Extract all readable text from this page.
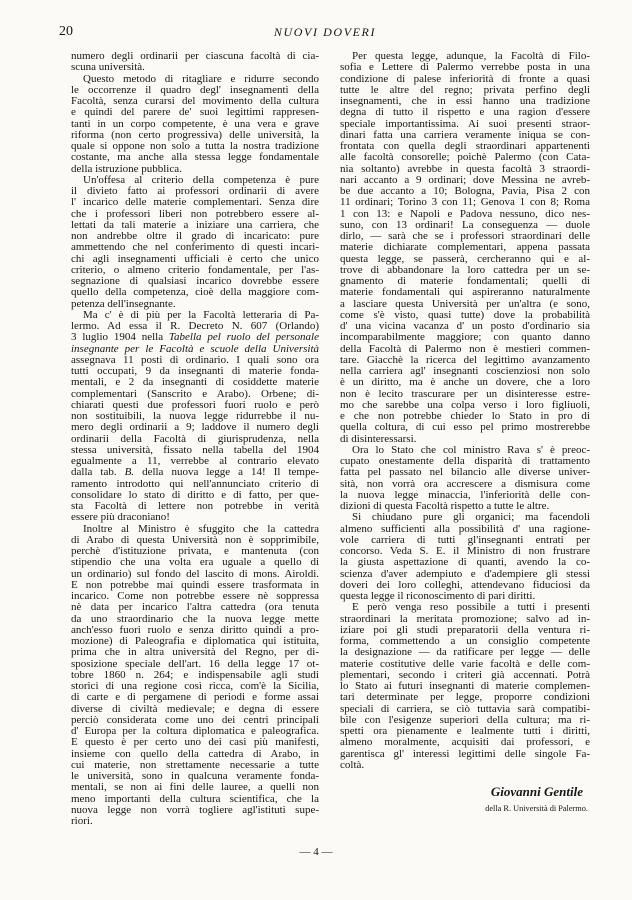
20	NUOVI DOVERI
numero degli ordinarii per ciascuna facoltà di cia-
scuna università.
Questo metodo di ritagliare e ridurre secondo
le occorrenze il quadro degl' insegnamenti della
Facoltà, senza curarsi del movimento della cultura
e quindi del parere de' suoi legittimi rappresen-
tanti in un corpo competente, è una vera e grave
riforma (non certo progressiva) delle università, la
quale si oppone non solo a tutta la nostra tradizione
costante, ma anche alla stessa legge fondamentale
della istruzione pubblica.
Un'offesa al criterio della competenza è pure
il divieto fatto ai professori ordinarii di avere
l' incarico delle materie complementari. Senza dire
che i professori liberi non potrebbero essere al-
lettati da tali materie a iniziare una carriera, che
non andrebbe oltre il grado di incaricato: pure
ammettendo che nel conferimento di questi incari-
chi agli insegnamenti ufficiali è certo che unico
criterio, o almeno criterio fondamentale, per l'as-
segnazione di qualsiasi incarico dovrebbe essere
quello della competenza, cioè della maggiore com-
petenza dell'insegnante.
Ma c' è di più per la Facoltà letteraria di Pa-
lermo. Ad essa il R. Decreto N. 607 (Orlando)
3 luglio 1904 nella Tabella pel ruolo del personale
insegnante per le Facoltà e scuole della Università
assegnava 11 posti di ordinario. I quali sono ora
tutti occupati, 9 da insegnanti di materie fonda-
mentali, e 2 da insegnanti di cosiddette materie
complementari (Sanscrito e Arabo). Orbene; di-
chiarati questi due professori fuori ruolo e però
non sostituibili, la nuova legge ridurrebbe il nu-
mero degli ordinarii a 9; laddove il numero degli
ordinarii della Facoltà di giurisprudenza, nella
stessa università, fissato nella tabella del 1904
egualmente a 11, verrebbe al contrario elevato
dalla tab. B. della nuova legge a 14! Il tempe-
ramento introdotto qui nell'annunciato criterio di
consolidare lo stato di diritto e di fatto, per que-
sta Facoltà di lettere non potrebbe in verità
essere più draconiano!
Inoltre al Ministro è sfuggito che la cattedra
di Arabo di questa Università non è sopprimibile,
perchè d'istituzione privata, e mantenuta (con
stipendio che una volta era uguale a quello di
un ordinario) sul fondo del lascito di mons. Airoldi.
E non potrebbe mai quindi essere trasformata in
incarico. Come non potrebbe essere nè soppressa
nè data per incarico l'altra cattedra (ora tenuta
da uno straordinario che la nuova legge mette
anch'esso fuori ruolo e senza diritto quindi a pro-
mozione) di Paleografia e diplomatica qui istituita,
prima che in altra università del Regno, per di-
sposizione speciale dell'art. 16 della legge 17 ot-
tobre 1860 n. 264; e indispensabile agli studi
storici di una regione così ricca, com'è la Sicilia,
di carte e di pergamene di periodi e forme assai
diverse di civiltà medievale; e degna di essere
perciò considerata come uno dei centri principali
d' Europa per la coltura diplomatica e paleografica.
E questo è per certo uno dei casi più manifesti,
insieme con quello della cattedra di Arabo, in
cui materie, non strettamente necessarie a tutte
le università, sono in qualcuna veramente fonda-
mentali, se non ai fini delle lauree, a quelli non
meno importanti della cultura scientifica, che la
nuova legge non vorrà togliere agl'istituti supe-
riori.
Per questa legge, adunque, la Facoltà di Filo-
sofia e Lettere di Palermo verrebbe posta in una
condizione di palese inferiorità di fronte a quasi
tutte le altre del regno; privata perfino degli
insegnamenti, che in essi hanno una tradizione
degna di tutto il rispetto e una ragion d'essere
speciale importantissima. Ai suoi presenti straor-
dinari fatta una carriera veramente iniqua se con-
frontata con quella degli straordinari appartenenti
alle facoltà consorelle; poichè Palermo (con Cata-
nia soltanto) avrebbe in questa facoltà 3 straordi-
nari accanto a 9 ordinari; dove Messina ne avreb-
be due accanto a 10; Bologna, Pavia, Pisa 2 con
11 ordinari; Torino 3 con 11; Genova 1 con 8; Roma
1 con 13: e Napoli e Padova nessuno, dico nes-
suno, con 13 ordinari! La conseguenza — duole
dirlo, — sarà che se i professori straordinari delle
materie dichiarate complementari, appena passata
questa legge, se passerà, cercheranno qui e al-
trove di abbandonare la loro cattedra per un se-
gnamento di materie fondamentali; quelli di
materie fondamentali qui aspireranno naturalmente
a lasciare questa Università per un'altra (e sono,
come s'è visto, quasi tutte) dove la probabilità
d' una vicina vacanza d' un posto d'ordinario sia
incomparabilmente maggiore; con quanto danno
della Facoltà di Palermo non è mestieri commen-
tare. Giacchè la ricerca del legittimo avanzamento
nella carriera agl' insegnanti coscienziosi non solo
è un diritto, ma è anche un dovere, che a loro
non è lecito trascurare per un disinteresse estre-
mo che sarebbe una colpa verso i loro figliuoli,
e che non potrebbe chieder lo Stato in pro di
quella coltura, di cui esso pel primo mostrerebbe
di disinteressarsi.
Ora lo Stato che col ministro Rava s' è preoc-
cupato onestamente della disparità di trattamento
fatta pel passato nel bilancio alle diverse univer-
sità, non vorrà ora accrescere a dismisura come
la nuova legge minaccia, l'inferiorità delle con-
dizioni di questa Facoltà rispetto a tutte le altre.
Si chiudano pure gli organici; ma facendoli
almeno sufficienti alla possibilità d' una ragione-
vole carriera di tutti gl'insegnanti entrati per
concorso. Veda S. E. il Ministro di non frustrare
la giusta aspettazione di quanti, avendo la co-
scienza d'aver adempiuto e d'adempiere gli stessi
doveri dei loro colleghi, attendevano fiduciosi da
questa legge il riconoscimento di pari diritti.
E però venga reso possibile a tutti i presenti
straordinari la meritata promozione; salvo ad in-
iziare poi gli studi preparatorii della ventura ri-
forma, commettendo a un consiglio competente
la designazione — da ratificare per legge — delle
materie costitutive delle varie facoltà e delle com-
plementari, secondo i criteri già accennati. Potrà
lo Stato ai futuri insegnanti di materie complemen-
tari determinate per legge, proporre condizioni
speciali di carriera, se ciò tuttavia sarà compatibi-
bile con l'esigenze superiori della cultura; ma ri-
spetti ora pienamente e lealmente tutti i diritti,
almeno moralmente, acquisiti dai professori, e
garentisca gl' interessi legittimi delle singole Fa-
coltà.
Giovanni Gentile
della R. Università di Palermo.
— 4 —
